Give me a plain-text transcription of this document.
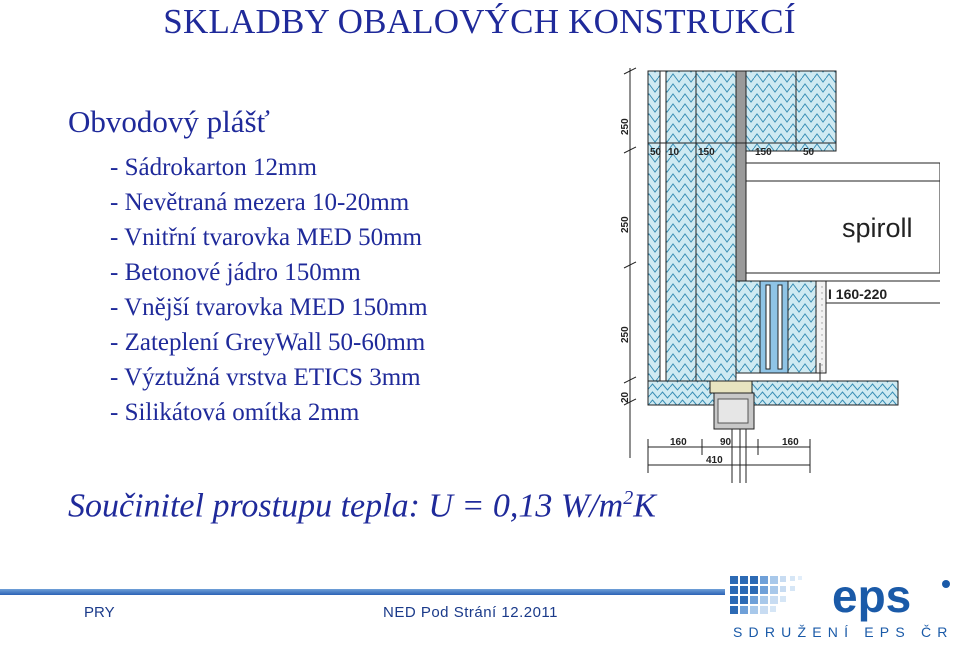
SKLADBY OBALOVÝCH KONSTRUKCÍ
Obvodový plášť
- Sádrokarton 12mm
- Nevětraná mezera 10-20mm
- Vnitřní tvarovka MED 50mm
- Betonové jádro 150mm
- Vnější tvarovka MED 150mm
- Zateplení GreyWall 50-60mm
- Výztužná vrstva ETICS 3mm
- Silikátová omítka 2mm
Součinitel prostupu tepla: U = 0,13 $W/m^2K$
250
250
250
20
50 10 150	150	50
spiroll
I 160-220
160	90	160
410
PRY	NED Pod Strání 12.2011	eps
SDRUŽENÍ EPS ČR
